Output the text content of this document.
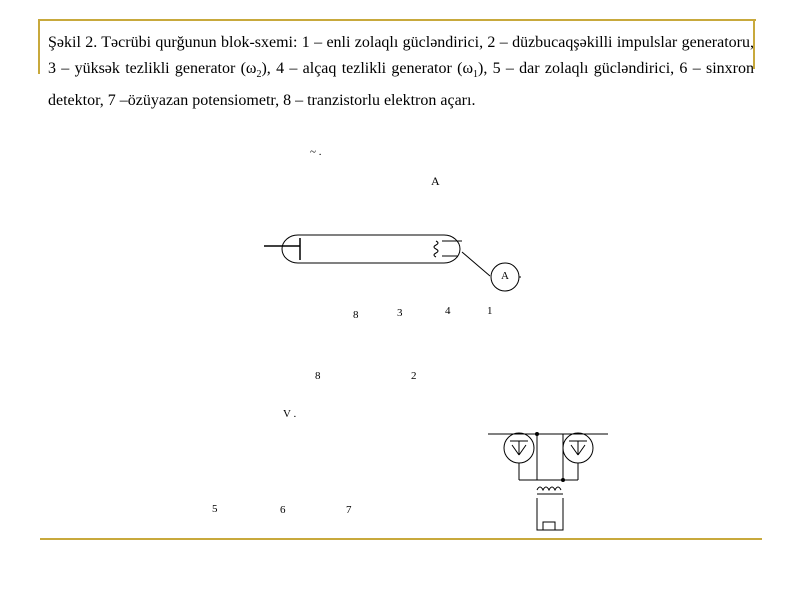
Şəkil 2. Təcrübi qurğunun blok-sxemi: 1 – enli zolaqlı gücləndirici, 2 – düzbucaqşəkilli impulslar generatoru, 3 – yüksək tezlikli generator $(\omega_2)$, 4 – alçaq tezlikli generator $(\omega_1)$, 5 – dar zolaqlı gücləndirici, 6 – sinxron detektor, 7 –özüyazan potensiometr, 8 – tranzistorlu elektron açarı.
~ .
A
A
8	3	4	1
8	2
V .
5	6	7
